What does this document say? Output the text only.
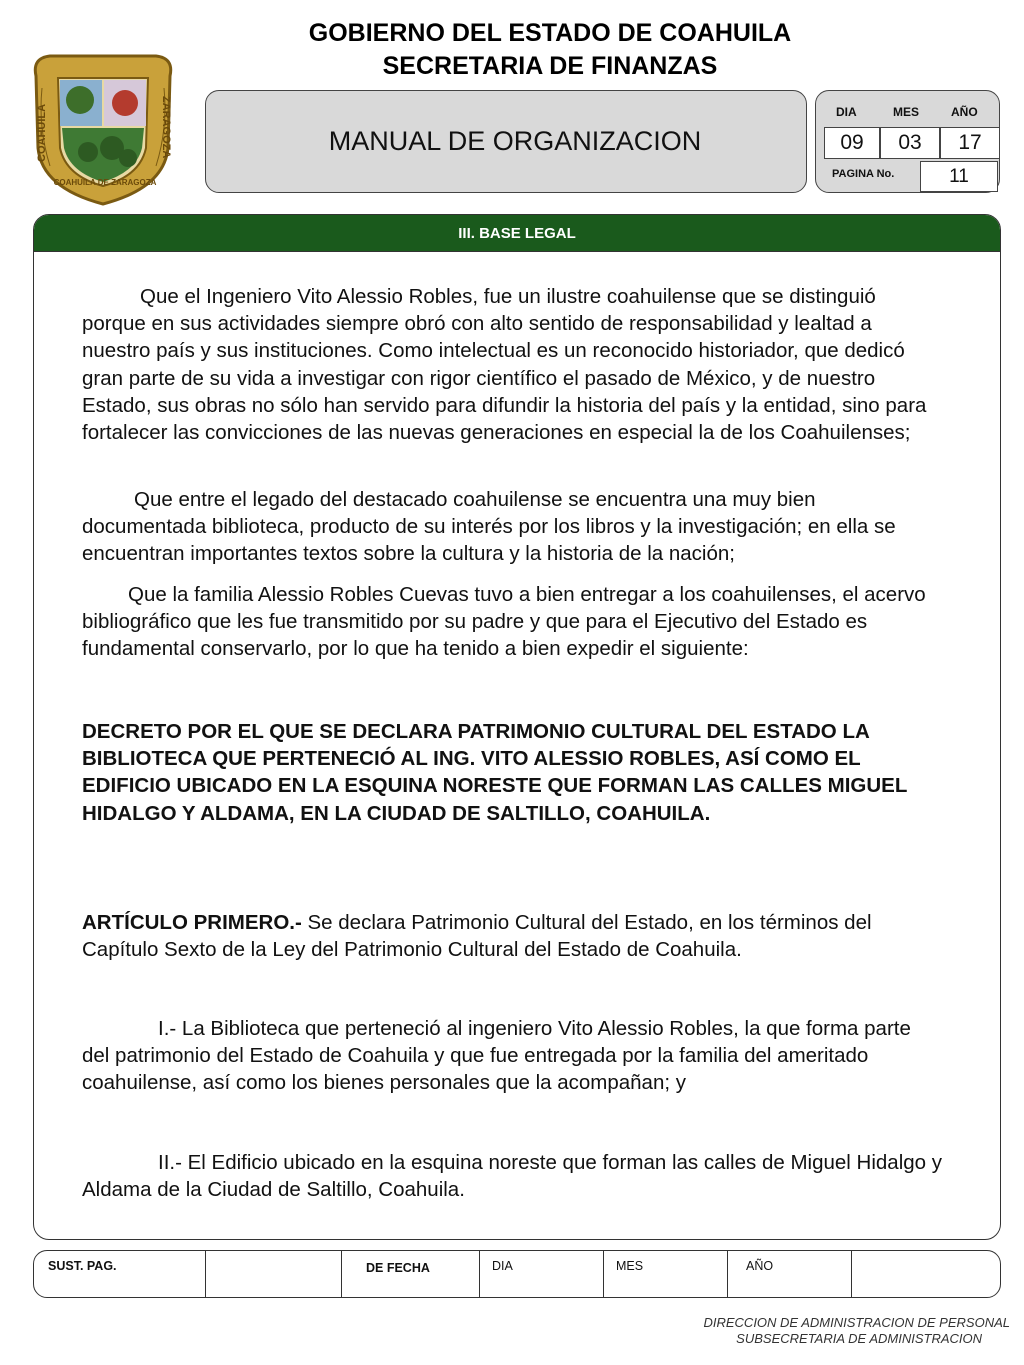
GOBIERNO DEL ESTADO DE COAHUILA
SECRETARIA DE FINANZAS
COAHUILA	ZARAGOZA
COAHUILA DE ZARAGOZA
MANUAL DE ORGANIZACION
DIA	MES	AÑO
09	03	17
PAGINA No.	11
III. BASE LEGAL
Que el Ingeniero Vito Alessio Robles, fue un ilustre coahuilense que se distinguió porque en sus actividades siempre obró con alto sentido de responsabilidad y lealtad a nuestro país y sus instituciones. Como intelectual es un reconocido historiador, que dedicó gran parte de su vida a investigar con rigor científico el pasado de México, y de nuestro Estado, sus obras no sólo han servido para difundir la historia del país y la entidad, sino para fortalecer las convicciones de las nuevas generaciones en especial la de los Coahuilenses;
Que entre el legado del destacado coahuilense se encuentra una muy bien documentada biblioteca, producto de su interés por los libros y la investigación; en ella se encuentran importantes textos sobre la cultura y la historia de la nación;
Que la familia Alessio Robles Cuevas tuvo a bien entregar a los coahuilenses, el acervo bibliográfico que les fue transmitido por su padre y que para el Ejecutivo del Estado es fundamental conservarlo, por lo que ha tenido a bien expedir el siguiente:
DECRETO POR EL QUE SE DECLARA PATRIMONIO CULTURAL DEL ESTADO LA BIBLIOTECA QUE PERTENECIÓ AL ING. VITO ALESSIO ROBLES, ASÍ COMO EL EDIFICIO UBICADO EN LA ESQUINA NORESTE QUE FORMAN LAS CALLES MIGUEL HIDALGO Y ALDAMA, EN LA CIUDAD DE SALTILLO, COAHUILA.
ARTÍCULO PRIMERO.- Se declara Patrimonio Cultural del Estado, en los términos del Capítulo Sexto de la Ley del Patrimonio Cultural del Estado de Coahuila.
I.- La Biblioteca que perteneció al ingeniero Vito Alessio Robles, la que forma parte del patrimonio del Estado de Coahuila y que fue entregada por la familia del ameritado coahuilense, así como los bienes personales que la acompañan; y
II.- El Edificio ubicado en la esquina noreste que forman las calles de Miguel Hidalgo y Aldama de la Ciudad de Saltillo, Coahuila.
SUST. PAG.	DE FECHA	DIA	MES	AÑO
DIRECCION DE ADMINISTRACION DE PERSONAL
SUBSECRETARIA DE ADMINISTRACION
